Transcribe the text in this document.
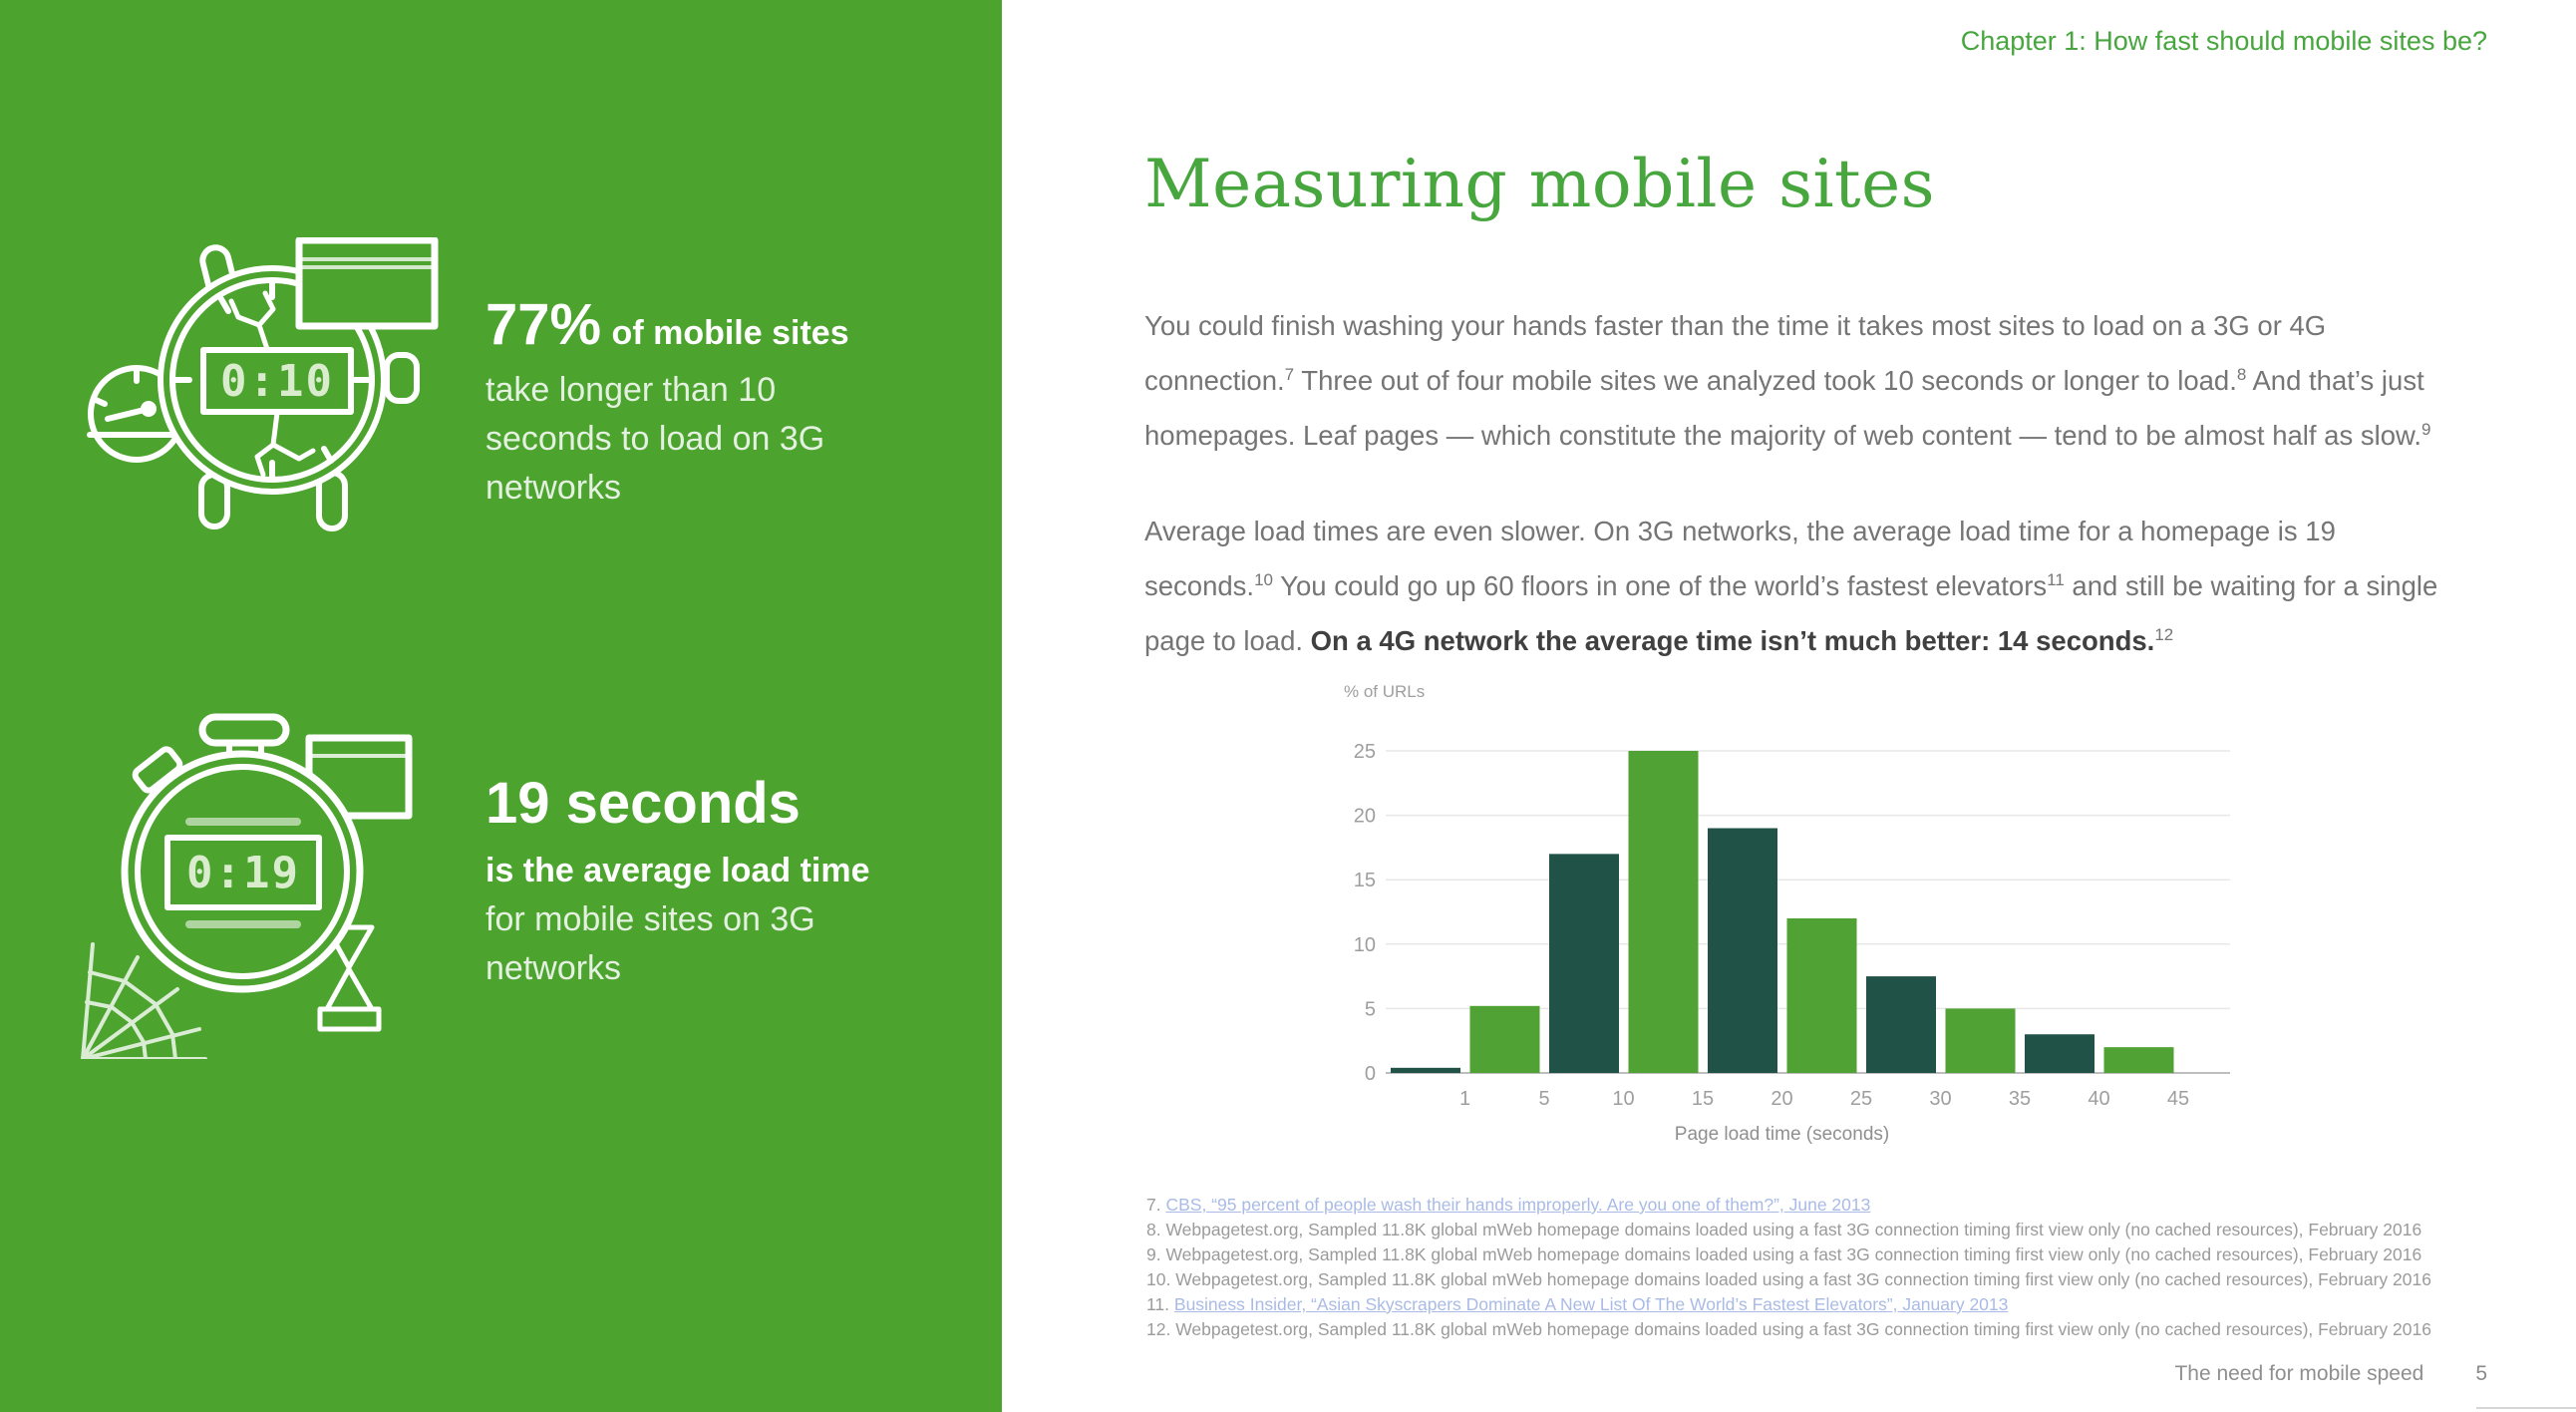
0:10
77% of mobile sites
take longer than 10
seconds to load on 3G
networks
0:19
19 seconds
is the average load time
for mobile sites on 3G
networks
Chapter 1: How fast should mobile sites be?
Measuring mobile sites

You could finish washing your hands faster than the time it takes most sites to load on a 3G or 4G connection.$^7$ Three out of four mobile sites we analyzed took 10 seconds or longer to load.$^8$ And that’s just homepages. Leaf pages — which constitute the majority of web content — tend to be almost half as slow.$^9$

Average load times are even slower. On 3G networks, the average load time for a homepage is 19 seconds.$^{10}$ You could go up 60 floors in one of the world’s fastest elevators$^{11}$ and still be waiting for a single page to load. On a 4G network the average time isn’t much better: 14 seconds.$^{12}$

% of URLs
0
5
10
15
20
25
1	5	10	15	20	25	30	35	40	45
Page load time (seconds)
7. CBS, “95 percent of people wash their hands improperly. Are you one of them?”, June 2013
8. Webpagetest.org, Sampled 11.8K global mWeb homepage domains loaded using a fast 3G connection timing first view only (no cached resources), February 2016
9. Webpagetest.org, Sampled 11.8K global mWeb homepage domains loaded using a fast 3G connection timing first view only (no cached resources), February 2016
10. Webpagetest.org, Sampled 11.8K global mWeb homepage domains loaded using a fast 3G connection timing first view only (no cached resources), February 2016
11. Business Insider, “Asian Skyscrapers Dominate A New List Of The World’s Fastest Elevators”, January 2013
12. Webpagetest.org, Sampled 11.8K global mWeb homepage domains loaded using a fast 3G connection timing first view only (no cached resources), February 2016
The need for mobile speed 5
